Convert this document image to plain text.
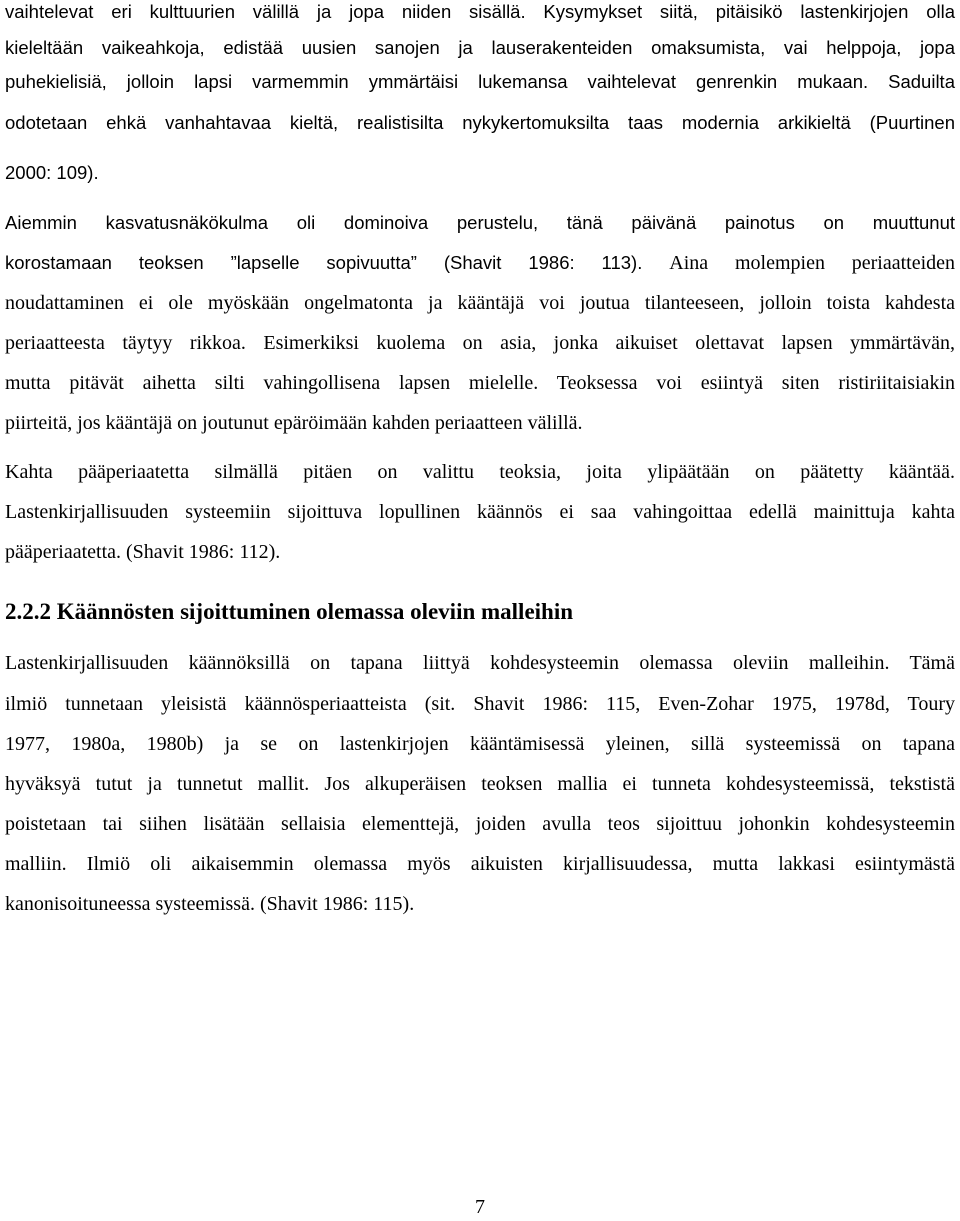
vaihtelevat eri kulttuurien välillä ja jopa niiden sisällä. Kysymykset siitä, pitäisikö lastenkirjojen olla
kieleltään vaikeahkoja, edistää uusien sanojen ja lauserakenteiden omaksumista, vai helppoja, jopa
puhekielisiä, jolloin lapsi varmemmin ymmärtäisi lukemansa vaihtelevat genrenkin mukaan. Saduilta
odotetaan ehkä vanhahtavaa kieltä, realistisilta nykykertomuksilta taas modernia arkikieltä (Puurtinen
2000: 109).
Aiemmin kasvatusnäkökulma oli dominoiva perustelu, tänä päivänä painotus on muuttunut
korostamaan teoksen ”lapselle sopivuutta” (Shavit 1986: 113). Aina molempien periaatteiden
noudattaminen ei ole myöskään ongelmatonta ja kääntäjä voi joutua tilanteeseen, jolloin toista kahdesta
periaatteesta täytyy rikkoa. Esimerkiksi kuolema on asia, jonka aikuiset olettavat lapsen ymmärtävän,
mutta pitävät aihetta silti vahingollisena lapsen mielelle. Teoksessa voi esiintyä siten ristiriitaisiakin
piirteitä, jos kääntäjä on joutunut epäröimään kahden periaatteen välillä.
Kahta pääperiaatetta silmällä pitäen on valittu teoksia, joita ylipäätään on päätetty kääntää.
Lastenkirjallisuuden systeemiin sijoittuva lopullinen käännös ei saa vahingoittaa edellä mainittuja kahta
pääperiaatetta. (Shavit 1986: 112).
2.2.2 Käännösten sijoittuminen olemassa oleviin malleihin
Lastenkirjallisuuden käännöksillä on tapana liittyä kohdesysteemin olemassa oleviin malleihin. Tämä
ilmiö tunnetaan yleisistä käännösperiaatteista (sit. Shavit 1986: 115, Even-Zohar 1975, 1978d, Toury
1977, 1980a, 1980b) ja se on lastenkirjojen kääntämisessä yleinen, sillä systeemissä on tapana
hyväksyä tutut ja tunnetut mallit. Jos alkuperäisen teoksen mallia ei tunneta kohdesysteemissä, tekstistä
poistetaan tai siihen lisätään sellaisia elementtejä, joiden avulla teos sijoittuu johonkin kohdesysteemin
malliin. Ilmiö oli aikaisemmin olemassa myös aikuisten kirjallisuudessa, mutta lakkasi esiintymästä
kanonisoituneessa systeemissä. (Shavit 1986: 115).
7
